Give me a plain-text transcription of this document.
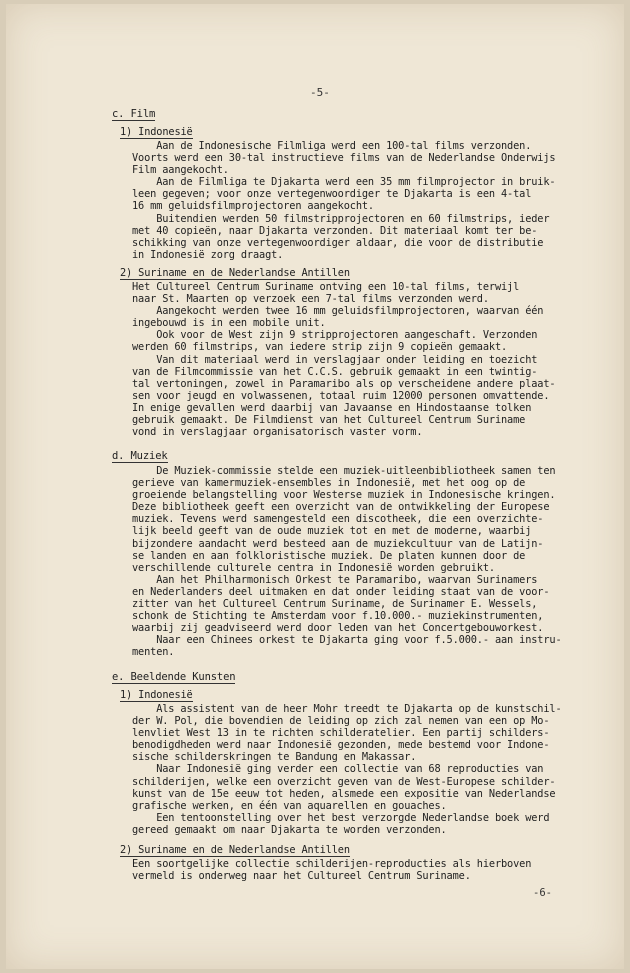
-5-
c. Film
1) Indonesië
Aan de Indonesische Filmliga werd een 100-tal films verzonden.
Voorts werd een 30-tal instructieve films van de Nederlandse Onderwijs
Film aangekocht.
Aan de Filmliga te Djakarta werd een 35 mm filmprojector in bruik-
leen gegeven; voor onze vertegenwoordiger te Djakarta is een 4-tal
16 mm geluidsfilmprojectoren aangekocht.
Buitendien werden 50 filmstripprojectoren en 60 filmstrips, ieder
met 40 copieën, naar Djakarta verzonden. Dit materiaal komt ter be-
schikking van onze vertegenwoordiger aldaar, die voor de distributie
in Indonesië zorg draagt.
2) Suriname en de Nederlandse Antillen
Het Cultureel Centrum Suriname ontving een 10-tal films, terwijl
naar St. Maarten op verzoek een 7-tal films verzonden werd.
Aangekocht werden twee 16 mm geluidsfilmprojectoren, waarvan één
ingebouwd is in een mobile unit.
Ook voor de West zijn 9 stripprojectoren aangeschaft. Verzonden
werden 60 filmstrips, van iedere strip zijn 9 copieën gemaakt.
Van dit materiaal werd in verslagjaar onder leiding en toezicht
van de Filmcommissie van het C.C.S. gebruik gemaakt in een twintig-
tal vertoningen, zowel in Paramaribo als op verscheidene andere plaat-
sen voor jeugd en volwassenen, totaal ruim 12000 personen omvattende.
In enige gevallen werd daarbij van Javaanse en Hindostaanse tolken
gebruik gemaakt. De Filmdienst van het Cultureel Centrum Suriname
vond in verslagjaar organisatorisch vaster vorm.
d. Muziek
De Muziek-commissie stelde een muziek-uitleenbibliotheek samen ten
gerieve van kamermuziek-ensembles in Indonesië, met het oog op de
groeiende belangstelling voor Westerse muziek in Indonesische kringen.
Deze bibliotheek geeft een overzicht van de ontwikkeling der Europese
muziek. Tevens werd samengesteld een discotheek, die een overzichte-
lijk beeld geeft van de oude muziek tot en met de moderne, waarbij
bijzondere aandacht werd besteed aan de muziekcultuur van de Latijn-
se landen en aan folkloristische muziek. De platen kunnen door de
verschillende culturele centra in Indonesië worden gebruikt.
Aan het Philharmonisch Orkest te Paramaribo, waarvan Surinamers
en Nederlanders deel uitmaken en dat onder leiding staat van de voor-
zitter van het Cultureel Centrum Suriname, de Surinamer E. Wessels,
schonk de Stichting te Amsterdam voor f.10.000.- muziekinstrumenten,
waarbij zij geadviseerd werd door leden van het Concertgebouworkest.
Naar een Chinees orkest te Djakarta ging voor f.5.000.- aan instru-
menten.
e. Beeldende Kunsten
1) Indonesië
Als assistent van de heer Mohr treedt te Djakarta op de kunstschil-
der W. Pol, die bovendien de leiding op zich zal nemen van een op Mo-
lenvliet West 13 in te richten schilderatelier. Een partij schilders-
benodigdheden werd naar Indonesië gezonden, mede bestemd voor Indone-
sische schilderskringen te Bandung en Makassar.
Naar Indonesië ging verder een collectie van 68 reproducties van
schilderijen, welke een overzicht geven van de West-Europese schilder-
kunst van de 15e eeuw tot heden, alsmede een expositie van Nederlandse
grafische werken, en één van aquarellen en gouaches.
Een tentoonstelling over het best verzorgde Nederlandse boek werd
gereed gemaakt om naar Djakarta te worden verzonden.
2) Suriname en de Nederlandse Antillen
Een soortgelijke collectie schilderijen-reproducties als hierboven
vermeld is onderweg naar het Cultureel Centrum Suriname.
-6-
